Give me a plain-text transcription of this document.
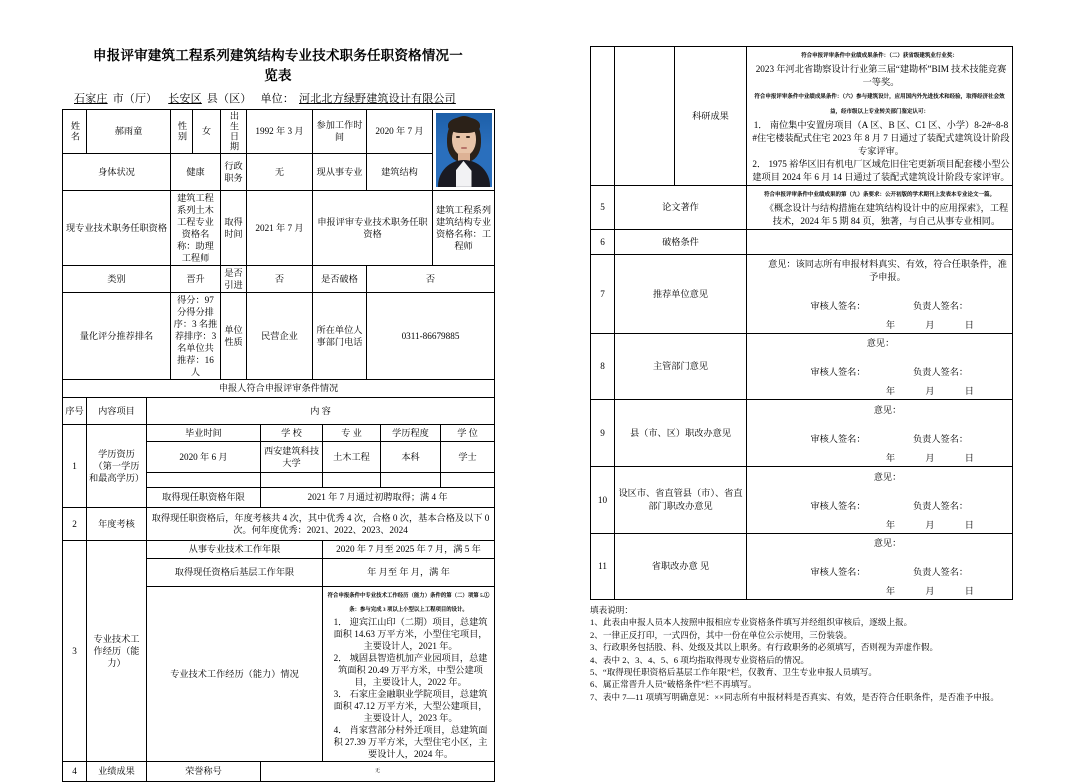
申报评审建筑工程系列建筑结构专业技术职务任职资格情况一
览表
石家庄 市（厅） 长安区 县（区） 单位： 河北北方绿野建筑设计有限公司
姓名	郝雨童	性别	女	出生日期	1992 年 3 月	参加工作时间	2020 年 7 月	

身体状况		健康		行政职务	无	现从事专业	建筑结构	
现专业技术职务任职资格		建筑工程系列土木工程专业资格名称：助理工程师		取得时间	2021 年 7 月	申报评审专业技术职务任职资格		建筑工程系列建筑结构专业资格名称：工程师
类别		晋升		是否引进	否	是否破格	否	
量化评分推荐排名		得分：97 分得分排序：3 名推荐排序：3 名单位共推荐：16 人		单位性质	民营企业	所在单位人事部门电话	0311-86679885	
申报人符合申报评审条件情况								
序号	内容项目	内 容				
1	学历资历（第一学历和最高学历）	毕业时间	学 校	专 业	学历程度	学 位
		2020 年 6 月	西安建筑科技大学	土木工程	本科	学士

		取得现任职资格年限	2021 年 7 月通过初聘取得；满 4 年			
2	年度考核	取得现任职资格后，年度考核共 4 次，其中优秀 4 次，合格 0 次，基本合格及以下 0 次。何年度优秀：2021、2022、2023、2024				
3	专业技术工作经历（能力）	从事专业技术工作年限		2020 年 7 月至 2025 年 7 月，满 5 年		
		取得现任资格后基层工作年限		年 月至 年 月，满 年		
		专业技术工作经历（能力）情况		符合申报条件中专业技术工作经历（能力）条件的第（二）项第 5.①条：参与完成 3 项以上小型以上工程项目的设计。
1． 迎宾江山印（二期）项目，总建筑面积 14.63 万平方米，小型住宅项目，主要设计人，2021 年。
2． 城固县智造机加产业园项目，总建筑面积 20.49 万平方米，中型公建项目，主要设计人，2022 年。
3． 石家庄金融职业学院项目，总建筑面积 47.12 万平方米，大型公建项目，主要设计人，2023 年。
4． 肖家营部分村外迁项目，总建筑面积 27.39 万平方米，大型住宅小区，主要设计人，2024 年。		

4	业绩成果	荣誉称号	无			
		科研成果	符合申报评审条件中业绩成果条件：（二）获省级建筑业行业奖：
2023 年河北省勘察设计行业第三届“建勘杯”BIM 技术技能竞赛一等奖。
符合申报评审条件中业绩成果条件：（六）参与建筑设计，应用国内外先进技术和经验，取得经济社会效益，经市级以上专业转关部门鉴定认可：
1． 南位集中安置房项目（A 区、B 区、C1 区、小学）8-2#~8-8#住宅楼装配式住宅 2023 年 8 月 7 日通过了装配式建筑设计阶段专家评审。
2． 1975 裕华区旧有机电厂区域危旧住宅更新项目配套楼小型公建项目 2024 年 6 月 14 日通过了装配式建筑设计阶段专家评审。

5	论文著作		符合申报评审条件中业绩成果的第（九）条要求：公开初版的学术期刊上发表本专业论文一篇。
《概念设计与结构措施在建筑结构设计中的应用探索》，工程技术，2024 年 5 期 84 页，独著，与自己从事专业相同。

6	破格条件		
7	推荐单位意见		意见：该同志所有申报材料真实、有效，符合任职条件，准予申报。
审核人签名： 负责人签名：
年 月 日

8	主管部门意见		意见：
审核人签名： 负责人签名：
年 月 日

9	县（市、区）职改办意见		意见：
审核人签名： 负责人签名：
年 月 日

10	设区市、省直管县（市）、省直部门职改办意见		意见：
审核人签名： 负责人签名：
年 月 日

11	省职改办意 见		意见：
审核人签名： 负责人签名：
年 月 日
填表说明：
1、此表由申报人员本人按照申报相应专业资格条件填写并经组织审核后，逐级上报。
2、一律正反打印，一式四份，其中一份在单位公示使用，三份装袋。
3、行政职务包括股、科、处级及其以上职务。有行政职务的必须填写，否则视为弄虚作假。
4、表中 2、3、4、5、6 项均指取得现专业资格后的情况。
5、“取得现任职资格后基层工作年限”栏，仅教育、卫生专业申报人员填写。
6、属正常晋升人员“破格条件”栏不再填写。
7、表中 7—11 项填写明确意见：××同志所有申报材料是否真实、有效，是否符合任职条件，是否准予申报。
